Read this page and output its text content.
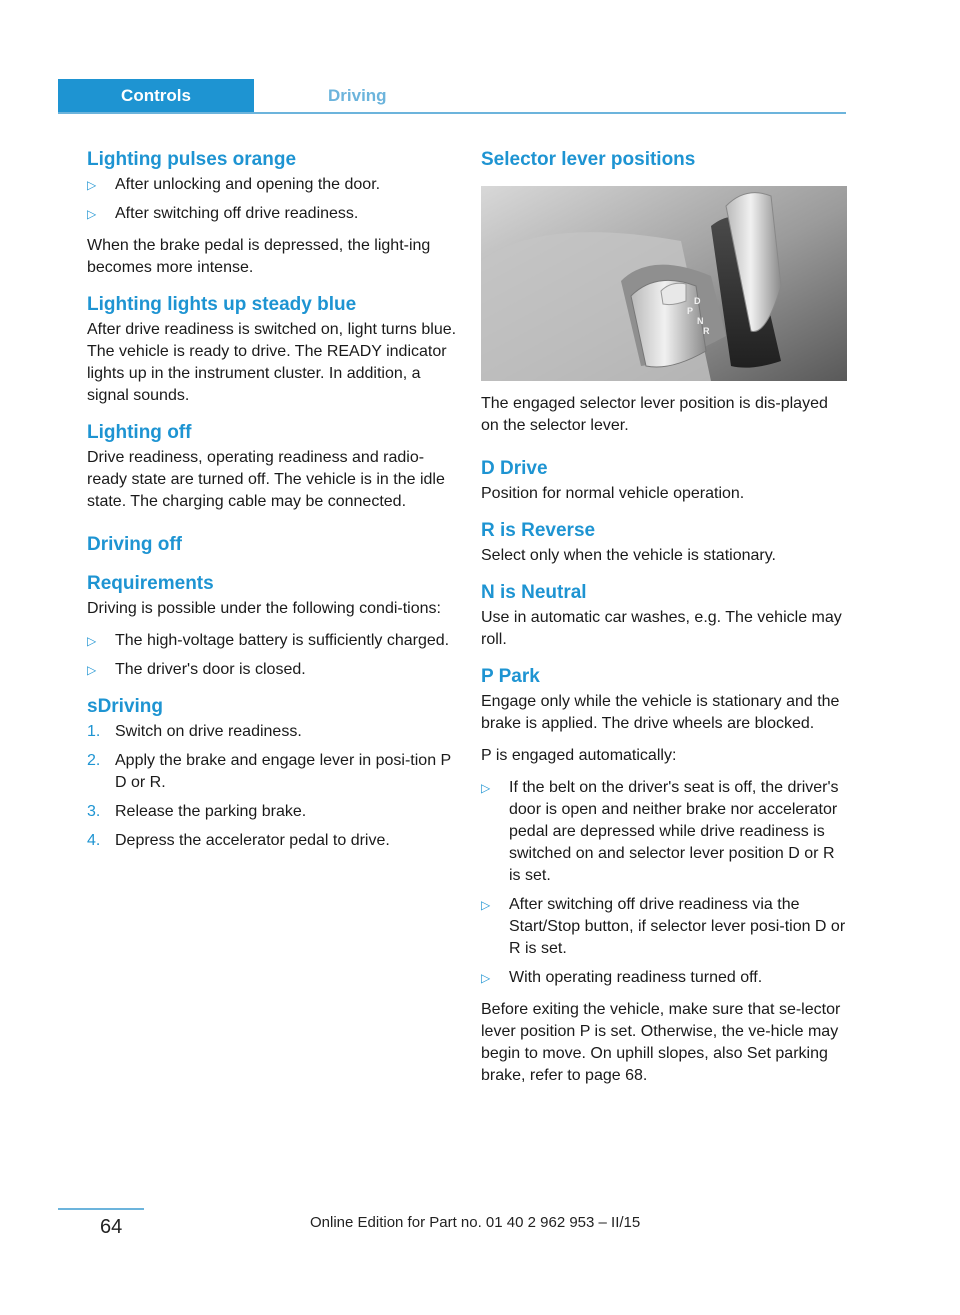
Controls	Driving
Lighting pulses orange
▷ After unlocking and opening the door.
▷ After switching off drive readiness.

When the brake pedal is depressed, the light‐ing becomes more intense.

Lighting lights up steady blue

After drive readiness is switched on, light turns blue. The vehicle is ready to drive. The READY indicator lights up in the instrument cluster. In addition, a signal sounds.

Lighting off

Drive readiness, operating readiness and radio-ready state are turned off. The vehicle is in the idle state. The charging cable may be connected.

Driving off
Requirements

Driving is possible under the following condi‐tions:

▷ The high-voltage battery is sufficiently charged.
▷ The driver's door is closed.
sDriving
1. Switch on drive readiness.
2. Apply the brake and engage lever in posi‐tion P D or R.
3. Release the parking brake.
4. Depress the accelerator pedal to drive.
Selector lever positions
D
P
N
R

The engaged selector lever position is dis‐played on the selector lever.

D Drive

Position for normal vehicle operation.

R is Reverse

Select only when the vehicle is stationary.

N is Neutral

Use in automatic car washes, e.g. The vehicle may roll.

P Park

Engage only while the vehicle is stationary and the brake is applied. The drive wheels are blocked.

P is engaged automatically:

▷ If the belt on the driver's seat is off, the driver's door is open and neither brake nor accelerator pedal are depressed while drive readiness is switched on and selector lever position D or R is set.
▷ After switching off drive readiness via the Start/Stop button, if selector lever posi‐tion D or R is set.
▷ With operating readiness turned off.

Before exiting the vehicle, make sure that se‐lector lever position P is set. Otherwise, the ve‐hicle may begin to move. On uphill slopes, also Set parking brake, refer to page 68.

64	Online Edition for Part no. 01 40 2 962 953 – II/15
